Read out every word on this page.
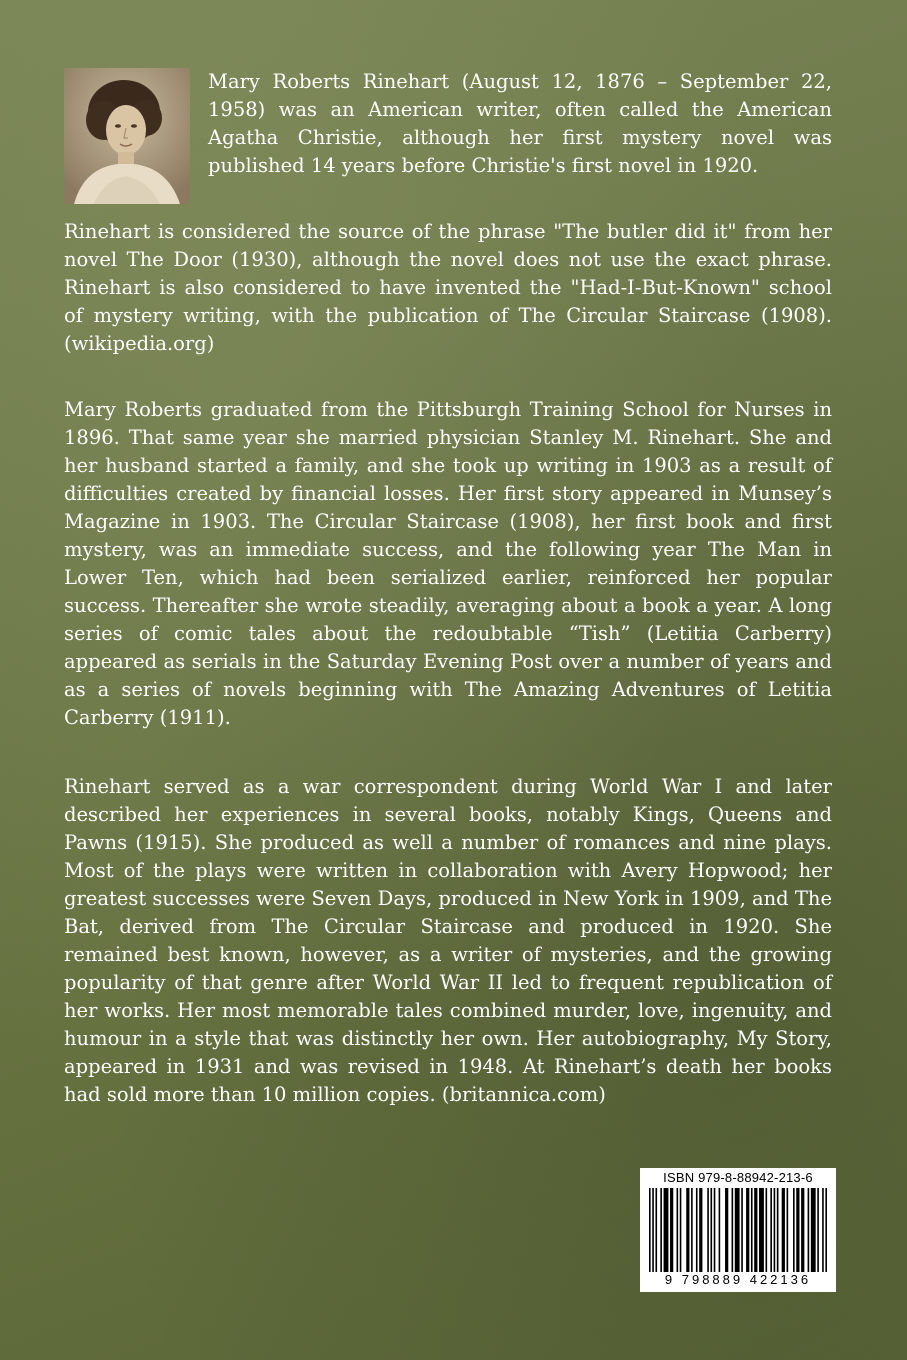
Mary Roberts Rinehart (August 12, 1876 – September 22, 1958) was an American writer, often called the American Agatha Christie, although her first mystery novel was published 14 years before Christie's first novel in 1920.

Rinehart is considered the source of the phrase "The butler did it" from her novel The Door (1930), although the novel does not use the exact phrase. Rinehart is also considered to have invented the "Had-I-But-Known" school of mystery writing, with the publication of The Circular Staircase (1908). (wikipedia.org)

Mary Roberts graduated from the Pittsburgh Training School for Nurses in 1896. That same year she married physician Stanley M. Rinehart. She and her husband started a family, and she took up writing in 1903 as a result of difficulties created by financial losses. Her first story appeared in Munsey’s Magazine in 1903. The Circular Staircase (1908), her first book and first mystery, was an immediate success, and the following year The Man in Lower Ten, which had been serialized earlier, reinforced her popular success. Thereafter she wrote steadily, averaging about a book a year. A long series of comic tales about the redoubtable “Tish” (Letitia Carberry) appeared as serials in the Saturday Evening Post over a number of years and as a series of novels beginning with The Amazing Adventures of Letitia Carberry (1911).

Rinehart served as a war correspondent during World War I and later described her experiences in several books, notably Kings, Queens and Pawns (1915). She produced as well a number of romances and nine plays. Most of the plays were written in collaboration with Avery Hopwood; her greatest successes were Seven Days, produced in New York in 1909, and The Bat, derived from The Circular Staircase and produced in 1920. She remained best known, however, as a writer of mysteries, and the growing popularity of that genre after World War II led to frequent republication of her works. Her most memorable tales combined murder, love, ingenuity, and humour in a style that was distinctly her own. Her autobiography, My Story, appeared in 1931 and was revised in 1948. At Rinehart’s death her books had sold more than 10 million copies. (britannica.com)

ISBN 979-8-88942-213-6
9 798889 422136
